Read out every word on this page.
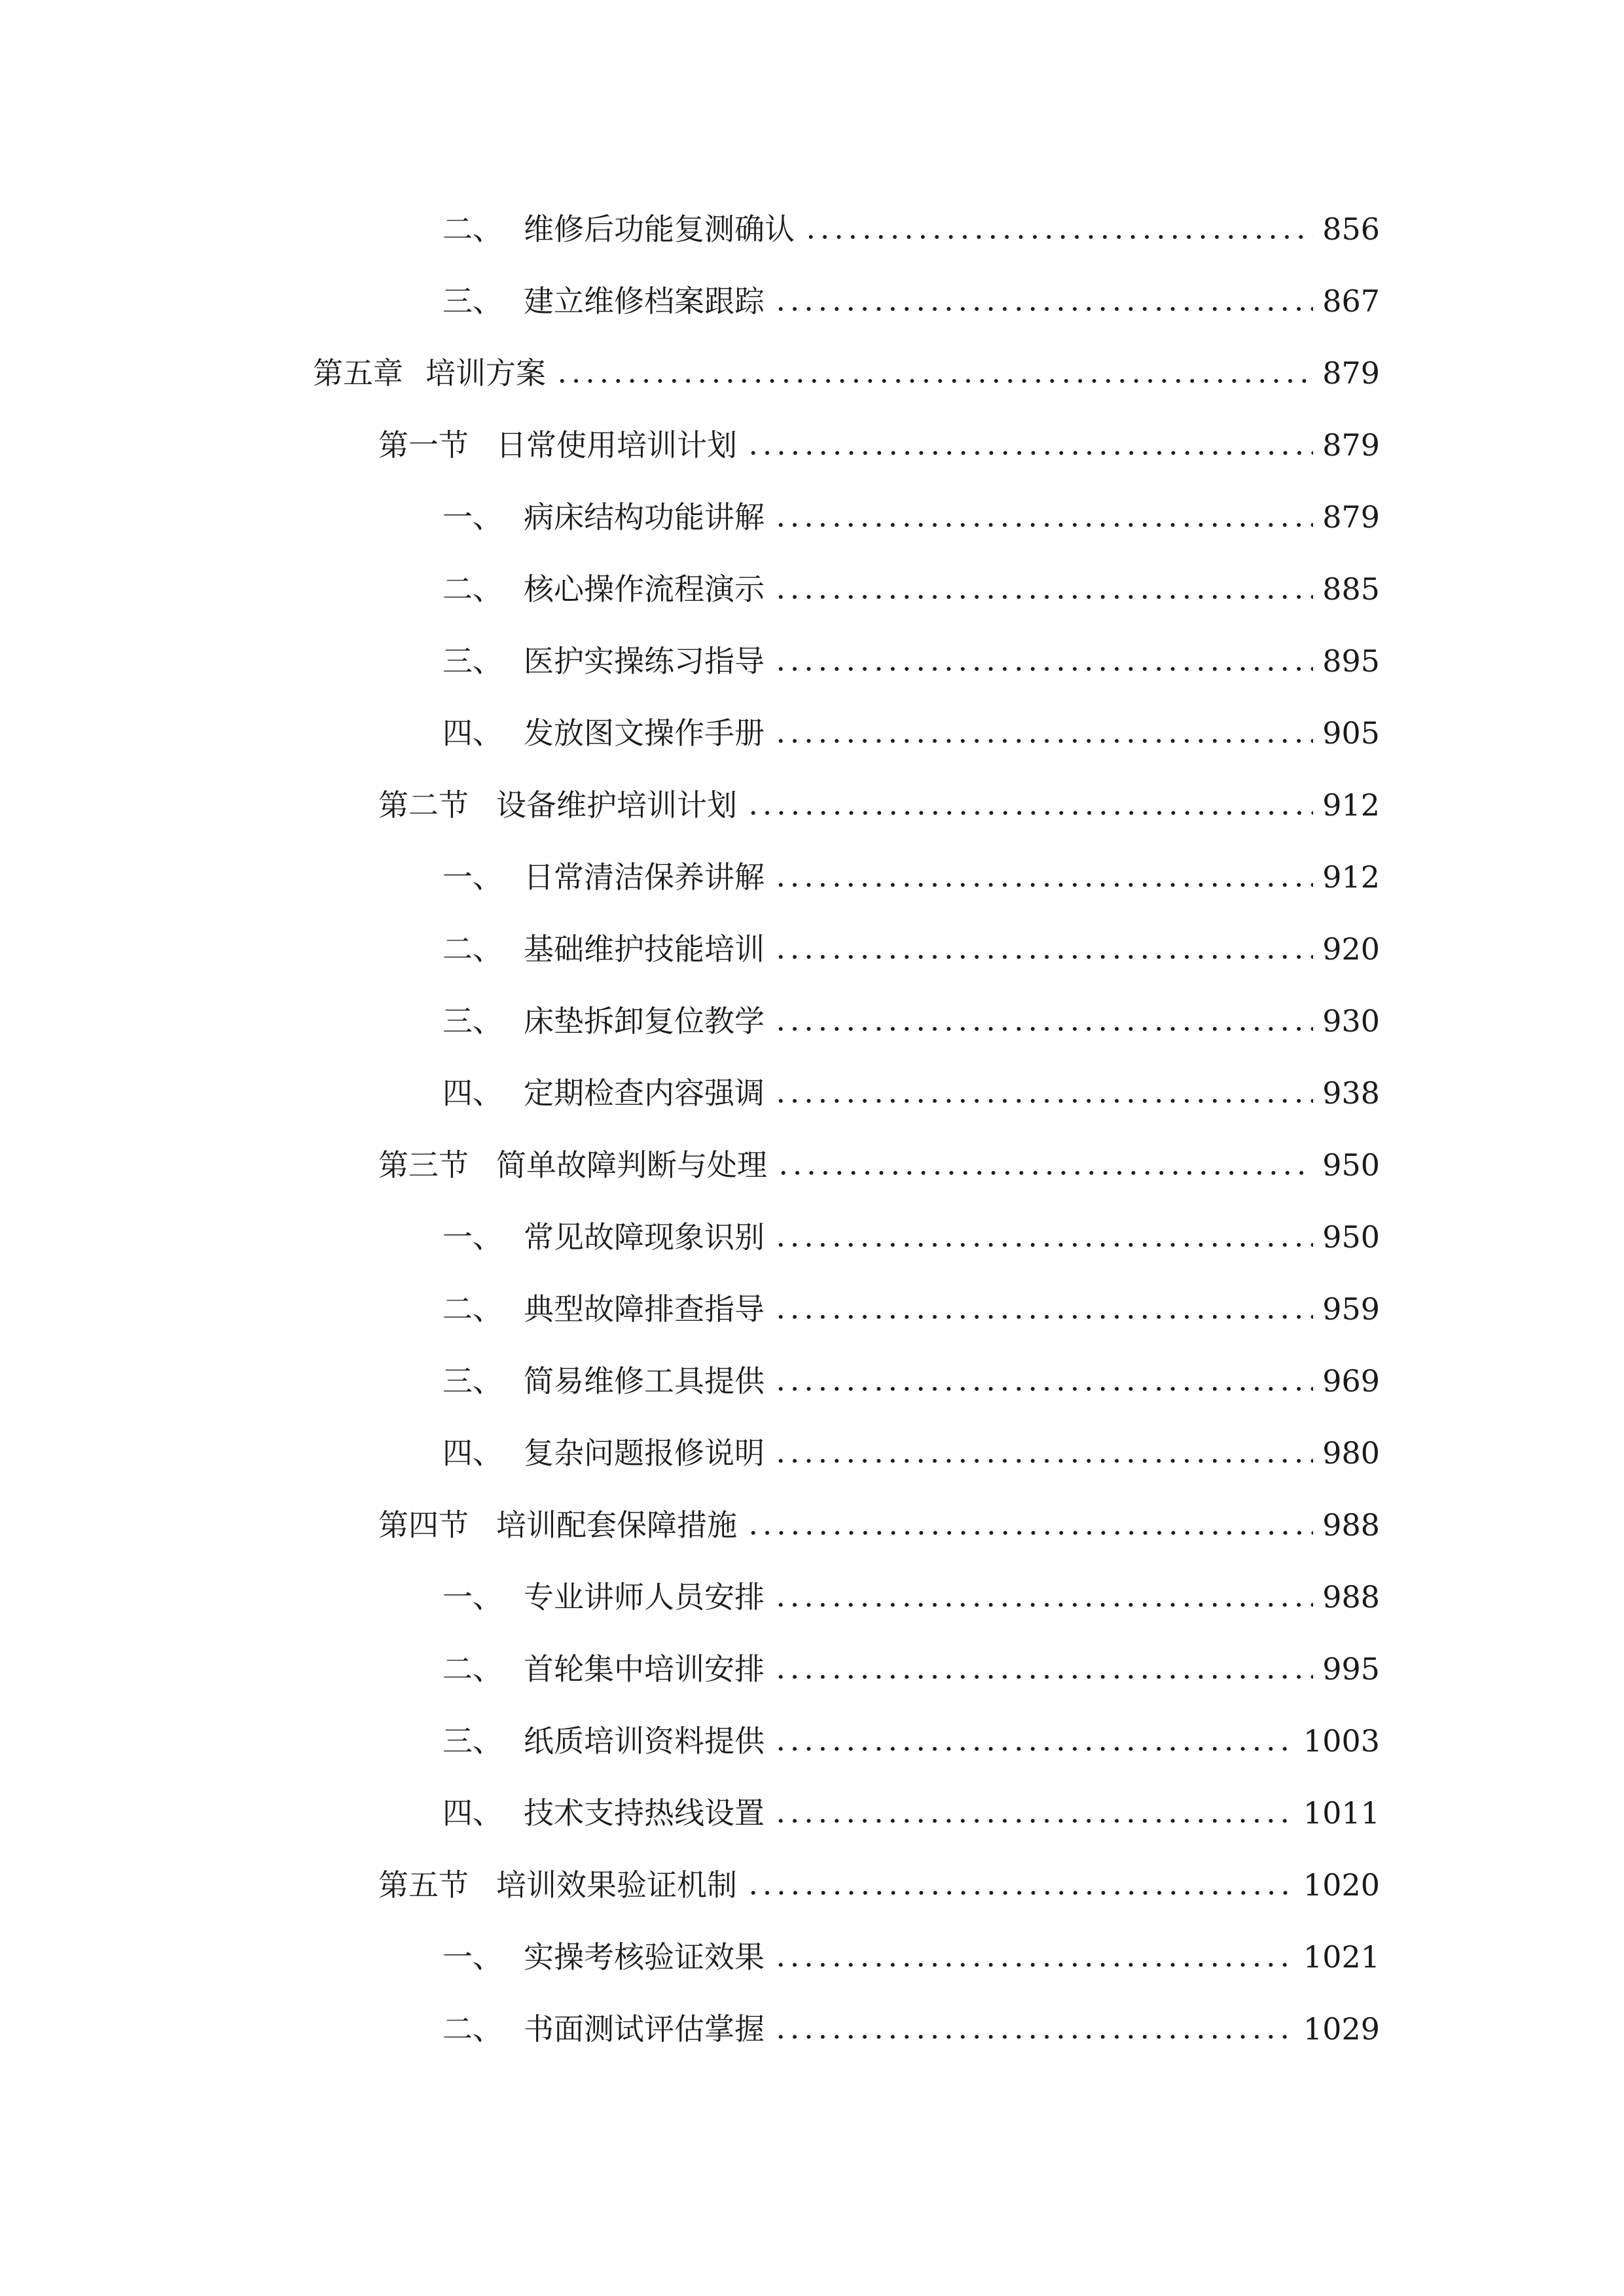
二、 维修后功能复测确认	856
三、 建立维修档案跟踪	867
第五章 培训方案	879
第一节 日常使用培训计划	879
一、 病床结构功能讲解	879
二、 核心操作流程演示	885
三、 医护实操练习指导	895
四、 发放图文操作手册	905
第二节 设备维护培训计划	912
一、 日常清洁保养讲解	912
二、 基础维护技能培训	920
三、 床垫拆卸复位教学	930
四、 定期检查内容强调	938
第三节 简单故障判断与处理	950
一、 常见故障现象识别	950
二、 典型故障排查指导	959
三、 简易维修工具提供	969
四、 复杂问题报修说明	980
第四节 培训配套保障措施	988
一、 专业讲师人员安排	988
二、 首轮集中培训安排	995
三、 纸质培训资料提供	1003
四、 技术支持热线设置	1011
第五节 培训效果验证机制	1020
一、 实操考核验证效果	1021
二、 书面测试评估掌握	1029
